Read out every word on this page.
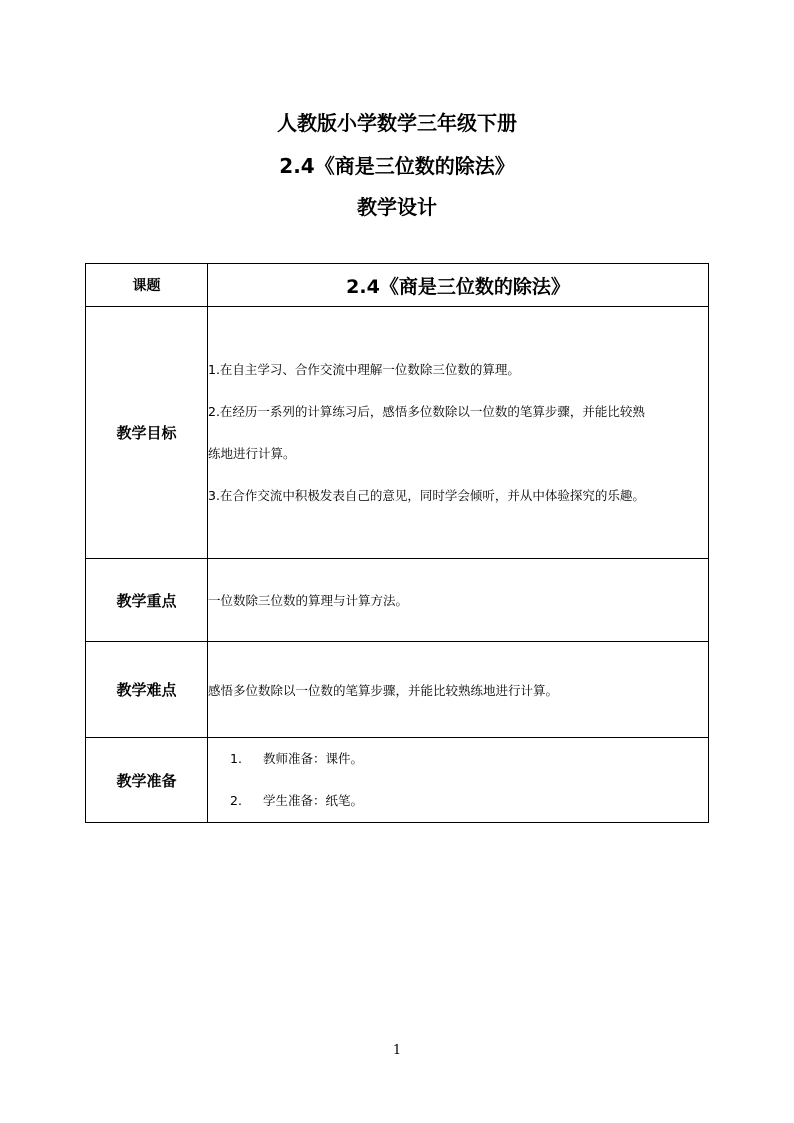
人教版小学数学三年级下册
2.4《商是三位数的除法》
教学设计
课题	2.4《商是三位数的除法》
教学目标	1.在自主学习、合作交流中理解一位数除三位数的算理。

2.在经历一系列的计算练习后，感悟多位数除以一位数的笔算步骤，并能比较熟

练地进行计算。

3.在合作交流中积极发表自己的意见，同时学会倾听，并从中体验探究的乐趣。

教学重点	一位数除三位数的算理与计算方法。
教学难点	感悟多位数除以一位数的笔算步骤，并能比较熟练地进行计算。
教学准备	1. 教师准备：课件。
2. 学生准备：纸笔。
1
